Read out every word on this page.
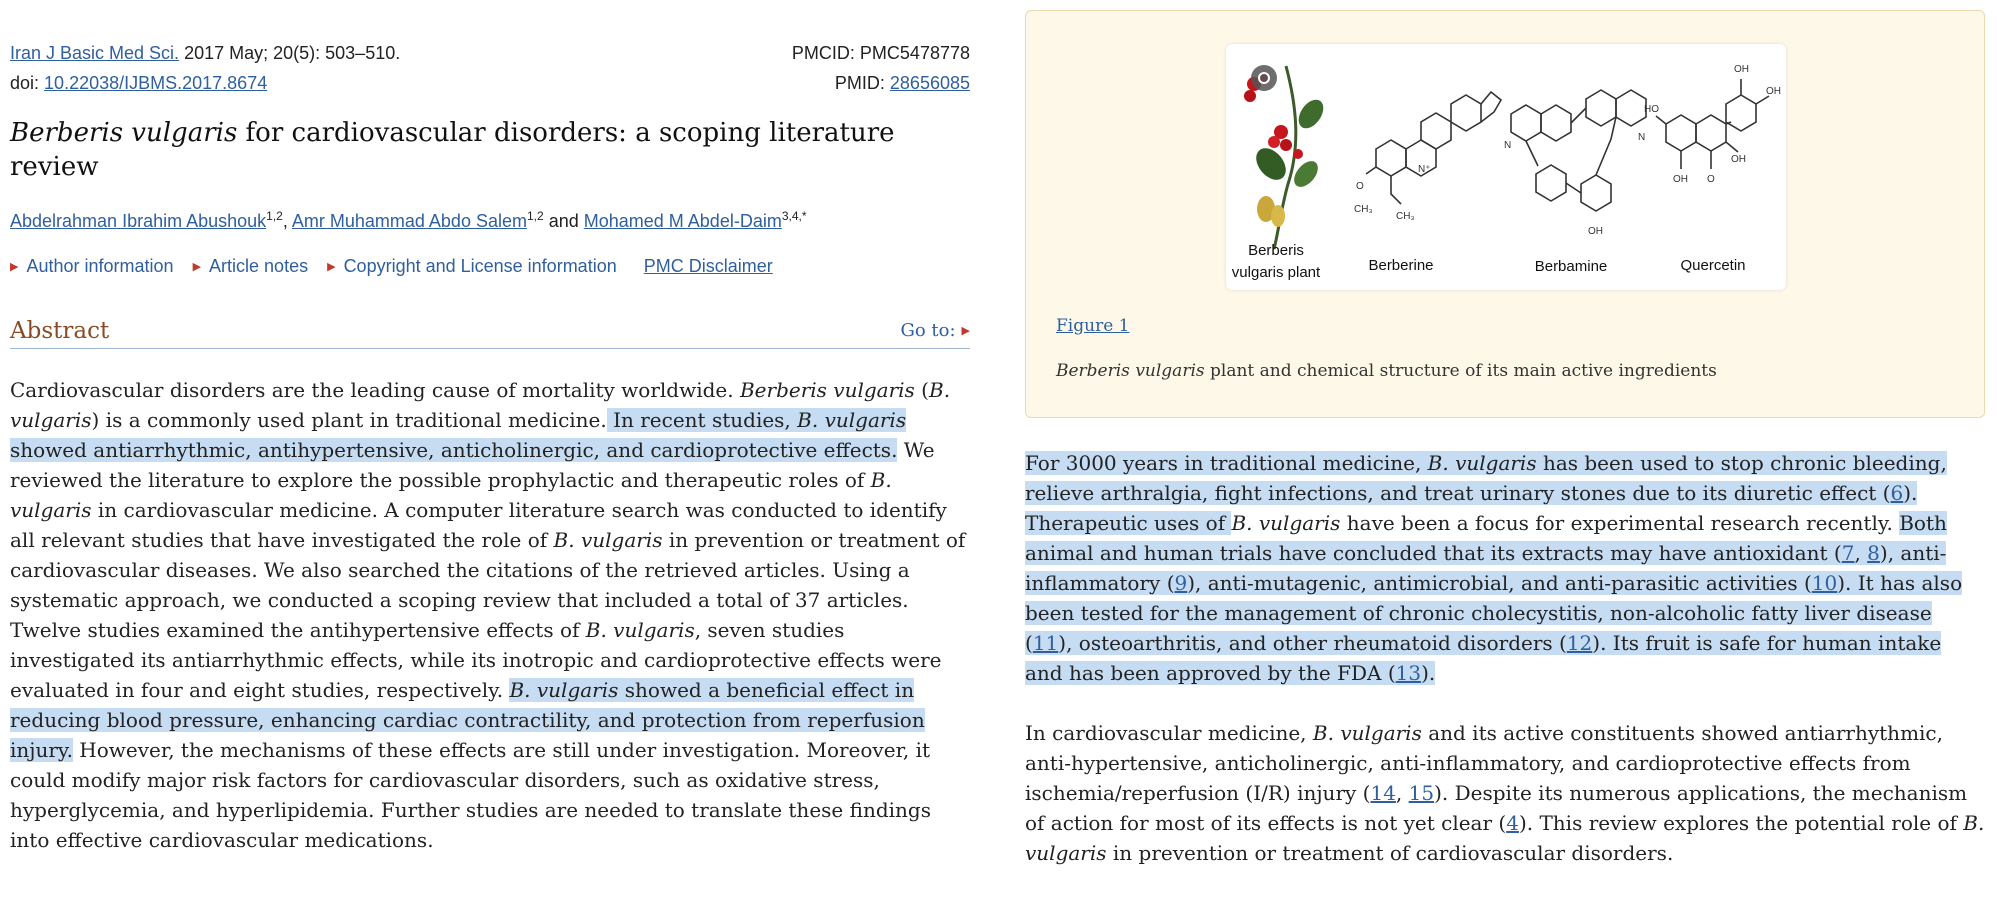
Iran J Basic Med Sci. 2017 May; 20(5): 503–510.	PMCID: PMC5478778
doi: 10.22038/IJBMS.2017.8674	PMID: 28656085
Berberis vulgaris for cardiovascular disorders: a scoping literature review
Abdelrahman Ibrahim Abushouk$^{1,2}$, Amr Muhammad Abdo Salem$^{1,2}$ and Mohamed M Abdel-Daim$^{3,4,*}$
▶ Author information ▶ Article notes ▶ Copyright and License information PMC Disclaimer
Abstract	Go to: ▶
Cardiovascular disorders are the leading cause of mortality worldwide. Berberis vulgaris (B. vulgaris) is a commonly used plant in traditional medicine. In recent studies, B. vulgaris showed antiarrhythmic, antihypertensive, anticholinergic, and cardioprotective effects. We reviewed the literature to explore the possible prophylactic and therapeutic roles of B. vulgaris in cardiovascular medicine. A computer literature search was conducted to identify all relevant studies that have investigated the role of B. vulgaris in prevention or treatment of cardiovascular diseases. We also searched the citations of the retrieved articles. Using a systematic approach, we conducted a scoping review that included a total of 37 articles. Twelve studies examined the antihypertensive effects of B. vulgaris, seven studies investigated its antiarrhythmic effects, while its inotropic and cardioprotective effects were evaluated in four and eight studies, respectively. B. vulgaris showed a beneficial effect in reducing blood pressure, enhancing cardiac contractility, and protection from reperfusion injury. However, the mechanisms of these effects are still under investigation. Moreover, it could modify major risk factors for cardiovascular disorders, such as oxidative stress, hyperglycemia, and hyperlipidemia. Further studies are needed to translate these findings into effective cardiovascular medications.
O
CH₃
CH₃
N⁺
N
N
OH
HO
OH
OH
OH
OH O
Berberis
vulgaris plant	Berberine	Berbamine	Quercetin
Figure 1
Berberis vulgaris plant and chemical structure of its main active ingredients

For 3000 years in traditional medicine, B. vulgaris has been used to stop chronic bleeding, relieve arthralgia, fight infections, and treat urinary stones due to its diuretic effect (6). Therapeutic uses of B. vulgaris have been a focus for experimental research recently. Both animal and human trials have concluded that its extracts may have antioxidant (7, 8), anti-inflammatory (9), anti-mutagenic, antimicrobial, and anti-parasitic activities (10). It has also been tested for the management of chronic cholecystitis, non-alcoholic fatty liver disease (11), osteoarthritis, and other rheumatoid disorders (12). Its fruit is safe for human intake and has been approved by the FDA (13).

In cardiovascular medicine, B. vulgaris and its active constituents showed antiarrhythmic, anti-hypertensive, anticholinergic, anti-inflammatory, and cardioprotective effects from ischemia/reperfusion (I/R) injury (14, 15). Despite its numerous applications, the mechanism of action for most of its effects is not yet clear (4). This review explores the potential role of B. vulgaris in prevention or treatment of cardiovascular disorders.
